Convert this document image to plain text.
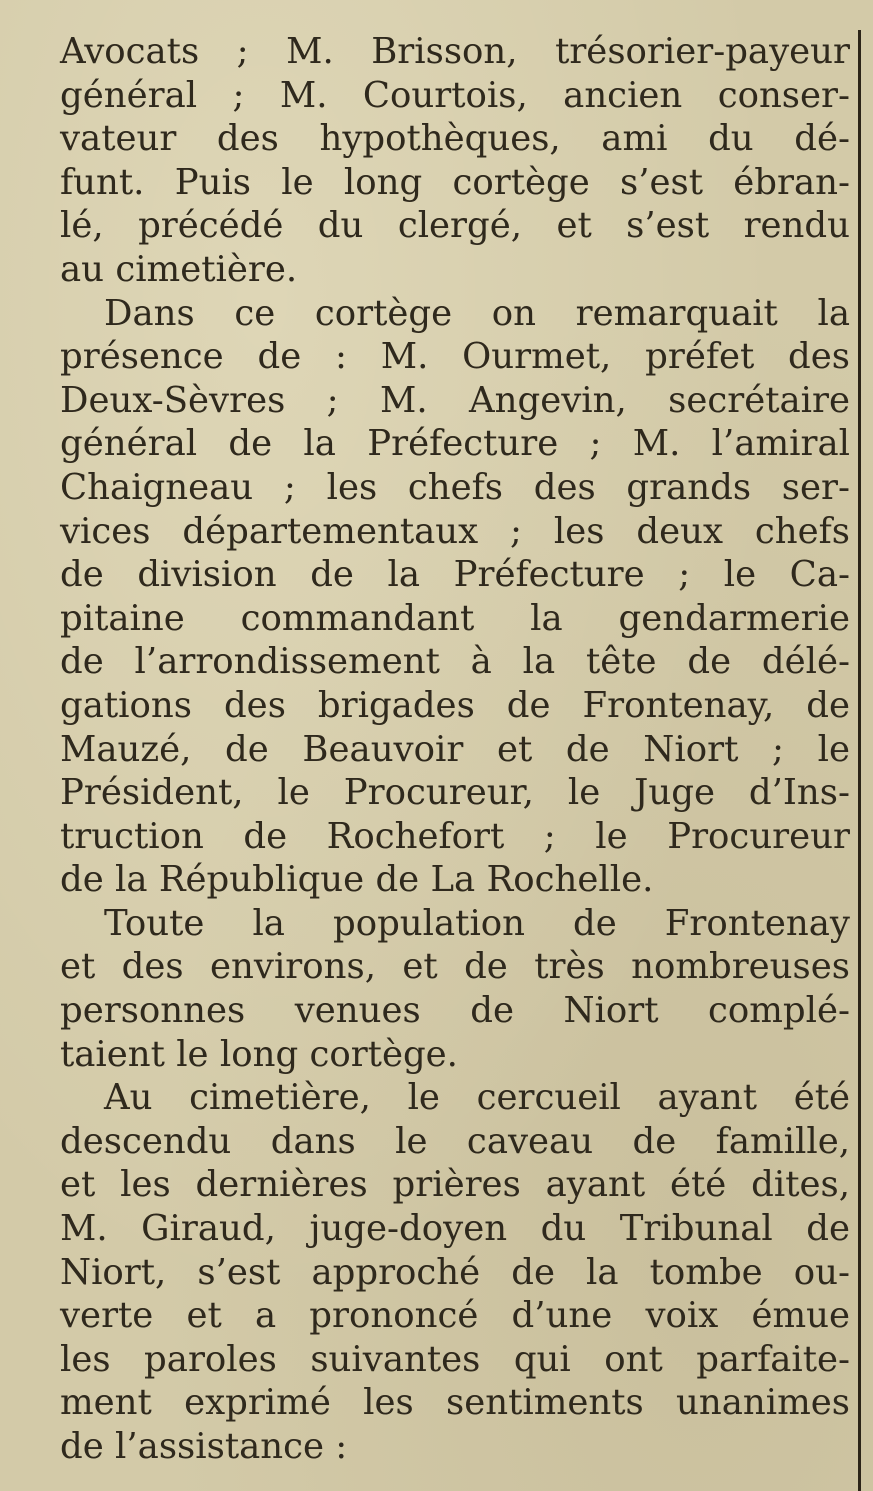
Avocats ; M. Brisson, trésorier-payeur
général ; M. Courtois, ancien conser-
vateur des hypothèques, ami du dé-
funt. Puis le long cortège s’est ébran-
lé, précédé du clergé, et s’est rendu
au cimetière.
Dans ce cortège on remarquait la
présence de : M. Ourmet, préfet des
Deux-Sèvres ; M. Angevin, secrétaire
général de la Préfecture ; M. l’amiral
Chaigneau ; les chefs des grands ser-
vices départementaux ; les deux chefs
de division de la Préfecture ; le Ca-
pitaine commandant la gendarmerie
de l’arrondissement à la tête de délé-
gations des brigades de Frontenay, de
Mauzé, de Beauvoir et de Niort ; le
Président, le Procureur, le Juge d’Ins-
truction de Rochefort ; le Procureur
de la République de La Rochelle.
Toute la population de Frontenay
et des environs, et de très nombreuses
personnes venues de Niort complé-
taient le long cortège.
Au cimetière, le cercueil ayant été
descendu dans le caveau de famille,
et les dernières prières ayant été dites,
M. Giraud, juge-doyen du Tribunal de
Niort, s’est approché de la tombe ou-
verte et a prononcé d’une voix émue
les paroles suivantes qui ont parfaite-
ment exprimé les sentiments unanimes
de l’assistance :
